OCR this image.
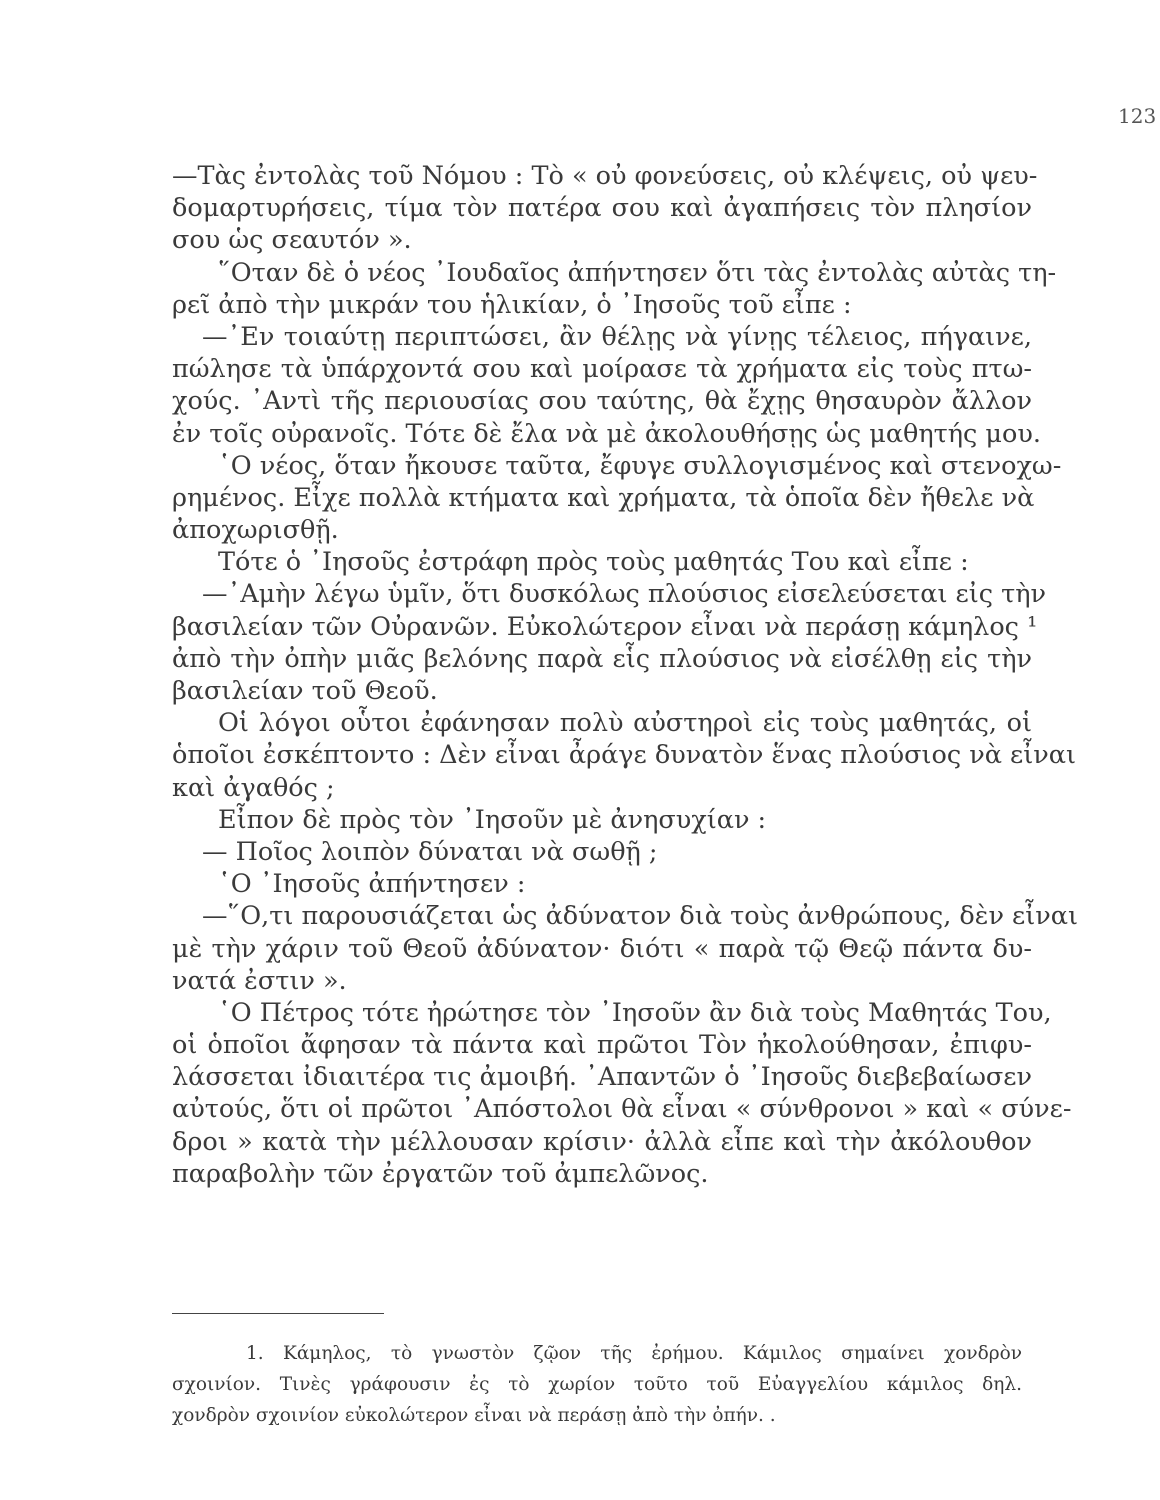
123
—Τὰς ἐντολὰς τοῦ Νόμου : Τὸ « οὐ φονεύσεις, οὐ κλέψεις, οὐ ψευ-
δομαρτυρήσεις, τίμα τὸν πατέρα σου καὶ ἀγαπήσεις τὸν πλησίον
σου ὡς σεαυτόν ».
῞Οταν δὲ ὁ νέος ᾿Ιουδαῖος ἀπήντησεν ὅτι τὰς ἐντολὰς αὐτὰς τη-
ρεῖ ἀπὸ τὴν μικράν του ἡλικίαν, ὁ ᾿Ιησοῦς τοῦ εἶπε :
—᾿Εν τοιαύτῃ περιπτώσει, ἂν θέλῃς νὰ γίνῃς τέλειος, πήγαινε,
πώλησε τὰ ὑπάρχοντά σου καὶ μοίρασε τὰ χρήματα εἰς τοὺς πτω-
χούς. ᾿Αντὶ τῆς περιουσίας σου ταύτης, θὰ ἔχῃς θησαυρὸν ἄλλον
ἐν τοῖς οὐρανοῖς. Τότε δὲ ἔλα νὰ μὲ ἀκολουθήσῃς ὡς μαθητής μου.
῾Ο νέος, ὅταν ἤκουσε ταῦτα, ἔφυγε συλλογισμένος καὶ στενοχω-
ρημένος. Εἶχε πολλὰ κτήματα καὶ χρήματα, τὰ ὁποῖα δὲν ἤθελε νὰ
ἀποχωρισθῇ.
Τότε ὁ ᾿Ιησοῦς ἐστράφη πρὸς τοὺς μαθητάς Του καὶ εἶπε :
—᾿Αμὴν λέγω ὑμῖν, ὅτι δυσκόλως πλούσιος εἰσελεύσεται εἰς τὴν
βασιλείαν τῶν Οὐρανῶν. Εὐκολώτερον εἶναι νὰ περάσῃ κάμηλος ¹
ἀπὸ τὴν ὀπὴν μιᾶς βελόνης παρὰ εἷς πλούσιος νὰ εἰσέλθῃ εἰς τὴν
βασιλείαν τοῦ Θεοῦ.
Οἱ λόγοι οὗτοι ἐφάνησαν πολὺ αὐστηροὶ εἰς τοὺς μαθητάς, οἱ
ὁποῖοι ἐσκέπτοντο : Δὲν εἶναι ἆράγε δυνατὸν ἕνας πλούσιος νὰ εἶναι
καὶ ἀγαθός ;
Εἶπον δὲ πρὸς τὸν ᾿Ιησοῦν μὲ ἀνησυχίαν :
— Ποῖος λοιπὸν δύναται νὰ σωθῇ ;
῾Ο ᾿Ιησοῦς ἀπήντησεν :
—῞Ο,τι παρουσιάζεται ὡς ἀδύνατον διὰ τοὺς ἀνθρώπους, δὲν εἶναι
μὲ τὴν χάριν τοῦ Θεοῦ ἀδύνατον· διότι « παρὰ τῷ Θεῷ πάντα δυ-
νατά ἐστιν ».
῾Ο Πέτρος τότε ἠρώτησε τὸν ᾿Ιησοῦν ἂν διὰ τοὺς Μαθητάς Του,
οἱ ὁποῖοι ἄφησαν τὰ πάντα καὶ πρῶτοι Τὸν ἠκολούθησαν, ἐπιφυ-
λάσσεται ἰδιαιτέρα τις ἀμοιβή. ᾿Απαντῶν ὁ ᾿Ιησοῦς διεβεβαίωσεν
αὐτούς, ὅτι οἱ πρῶτοι ᾿Απόστολοι θὰ εἶναι « σύνθρονοι » καὶ « σύνε-
δροι » κατὰ τὴν μέλλουσαν κρίσιν· ἀλλὰ εἶπε καὶ τὴν ἀκόλουθον
παραβολὴν τῶν ἐργατῶν τοῦ ἀμπελῶνος.
1. Κάμηλος, τὸ γνωστὸν ζῷον τῆς ἐρήμου. Κάμιλος σημαίνει χονδρὸν
σχοινίον. Τινὲς γράφουσιν ἐς τὸ χωρίον τοῦτο τοῦ Εὐαγγελίου κάμιλος δηλ.
χονδρὸν σχοινίον εὐκολώτερον εἶναι νὰ περάσῃ ἀπὸ τὴν ὀπήν. .
